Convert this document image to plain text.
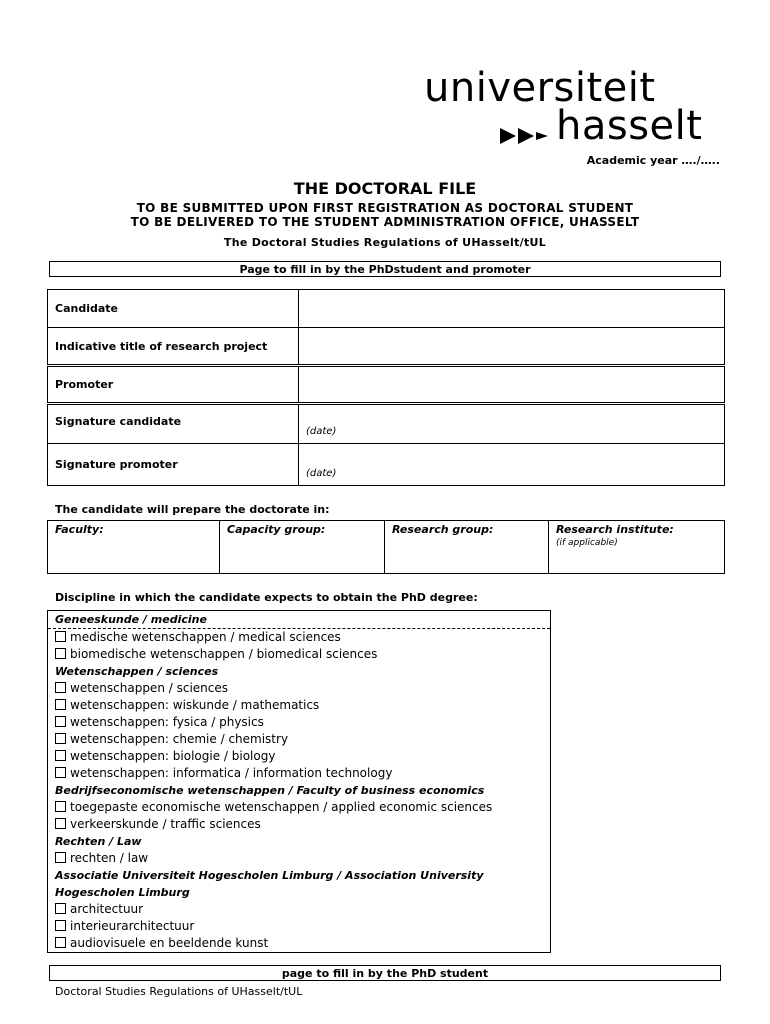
universiteit
hasselt
Academic year …./…..
THE DOCTORAL FILE
TO BE SUBMITTED UPON FIRST REGISTRATION AS DOCTORAL STUDENT
TO BE DELIVERED TO THE STUDENT ADMINISTRATION OFFICE, UHASSELT
The Doctoral Studies Regulations of UHasselt/tUL
Page to fill in by the PhDstudent and promoter
Candidate	
Indicative title of research project	
Promoter	
Signature candidate	(date)
Signature promoter	(date)
The candidate will prepare the doctorate in:
Faculty:	Capacity group:	Research group:	Research institute:
(if applicable)
Discipline in which the candidate expects to obtain the PhD degree:
Geneeskunde / medicine
medische wetenschappen / medical sciences
biomedische wetenschappen / biomedical sciences
Wetenschappen / sciences
wetenschappen / sciences
wetenschappen: wiskunde / mathematics
wetenschappen: fysica / physics
wetenschappen: chemie / chemistry
wetenschappen: biologie / biology
wetenschappen: informatica / information technology
Bedrijfseconomische wetenschappen / Faculty of business economics
toegepaste economische wetenschappen / applied economic sciences
verkeerskunde / traffic sciences
Rechten / Law
rechten / law
Associatie Universiteit Hogescholen Limburg / Association University
Hogescholen Limburg
architectuur
interieurarchitectuur
audiovisuele en beeldende kunst
page to fill in by the PhD student
Doctoral Studies Regulations of UHasselt/tUL
